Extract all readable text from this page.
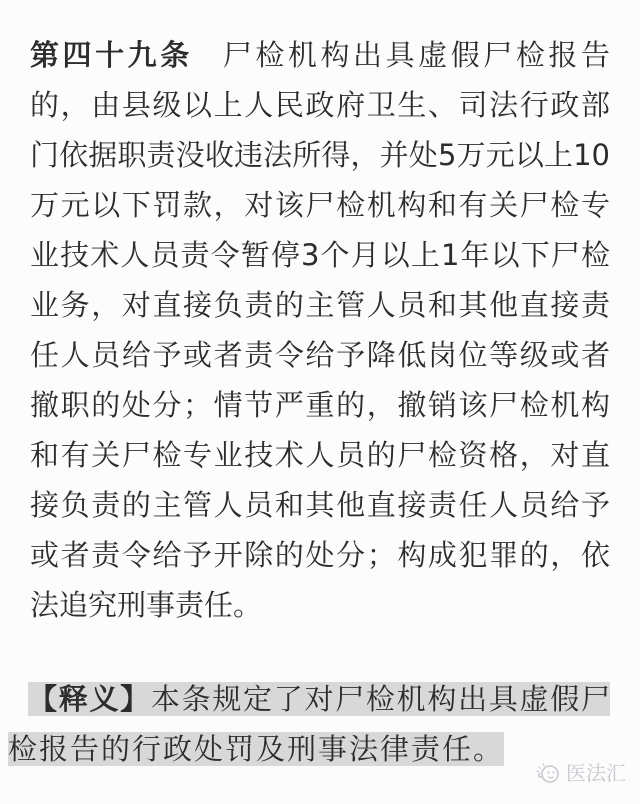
第四十九条 尸检机构出具虚假尸检报告
的，由县级以上人民政府卫生、司法行政部
门依据职责没收违法所得，并处5万元以上10
万元以下罚款，对该尸检机构和有关尸检专
业技术人员责令暂停3个月以上1年以下尸检
业务，对直接负责的主管人员和其他直接责
任人员给予或者责令给予降低岗位等级或者
撤职的处分；情节严重的，撤销该尸检机构
和有关尸检专业技术人员的尸检资格，对直
接负责的主管人员和其他直接责任人员给予
或者责令给予开除的处分；构成犯罪的，依
法追究刑事责任。
【释义】本条规定了对尸检机构出具虚假尸
检报告的行政处罚及刑事法律责任。
医法汇
